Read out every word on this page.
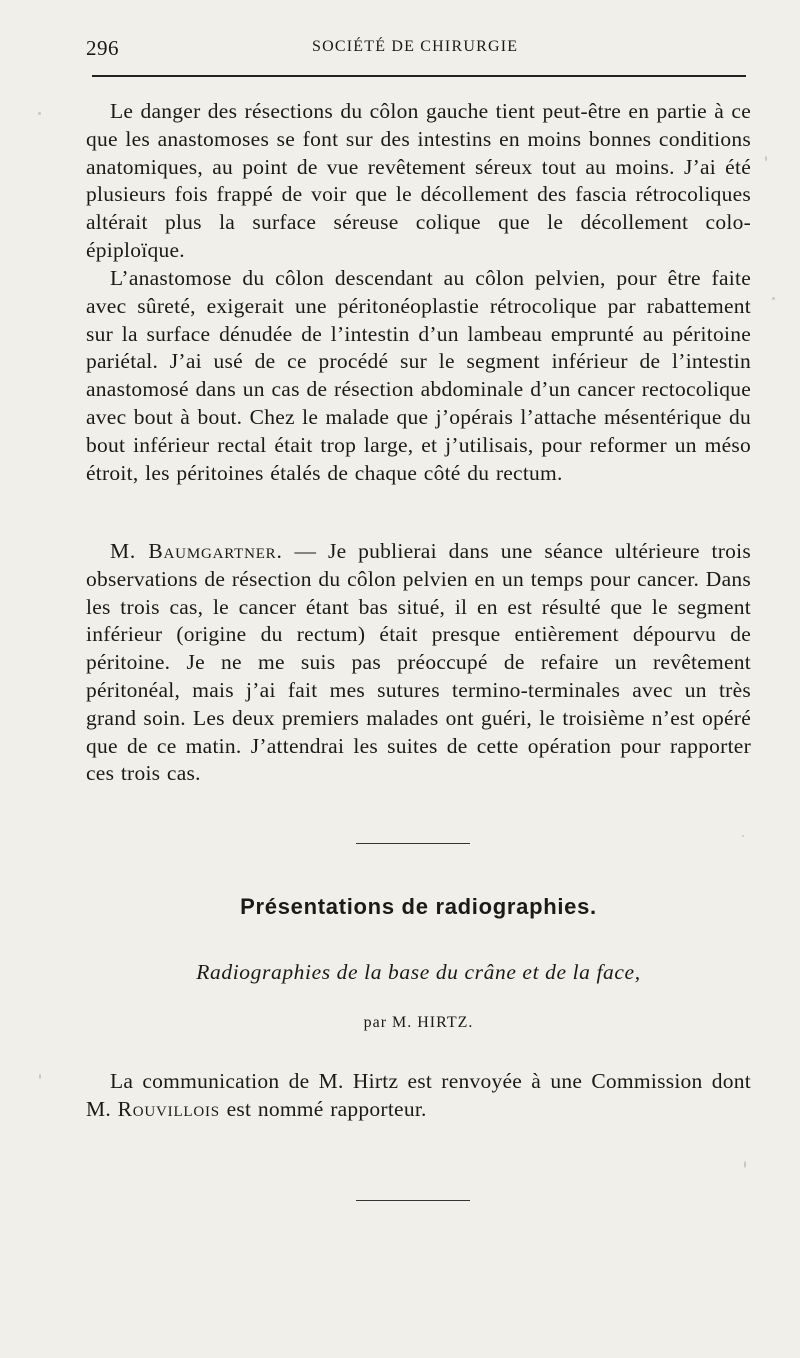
296	SOCIÉTÉ DE CHIRURGIE

Le danger des résections du côlon gauche tient peut-être en partie à ce que les anastomoses se font sur des intestins en moins bonnes conditions anatomiques, au point de vue revêtement séreux tout au moins. J’ai été plusieurs fois frappé de voir que le décollement des fascia rétrocoliques altérait plus la surface séreuse colique que le décollement colo-épiploïque.

L’anastomose du côlon descendant au côlon pelvien, pour être faite avec sûreté, exigerait une péritonéoplastie rétrocolique par rabattement sur la surface dénudée de l’intestin d’un lambeau emprunté au péritoine pariétal. J’ai usé de ce procédé sur le segment inférieur de l’intestin anastomosé dans un cas de résection abdominale d’un cancer rectocolique avec bout à bout. Chez le malade que j’opérais l’attache mésentérique du bout inférieur rectal était trop large, et j’utilisais, pour reformer un méso étroit, les péritoines étalés de chaque côté du rectum.

M. Baumgartner. — Je publierai dans une séance ultérieure trois observations de résection du côlon pelvien en un temps pour cancer. Dans les trois cas, le cancer étant bas situé, il en est résulté que le segment inférieur (origine du rectum) était presque entièrement dépourvu de péritoine. Je ne me suis pas préoccupé de refaire un revêtement péritonéal, mais j’ai fait mes sutures termino-terminales avec un très grand soin. Les deux premiers malades ont guéri, le troisième n’est opéré que de ce matin. J’attendrai les suites de cette opération pour rapporter ces trois cas.

Présentations de radiographies.

Radiographies de la base du crâne et de la face,

par M. HIRTZ.

La communication de M. Hirtz est renvoyée à une Commission dont M. Rouvillois est nommé rapporteur.
